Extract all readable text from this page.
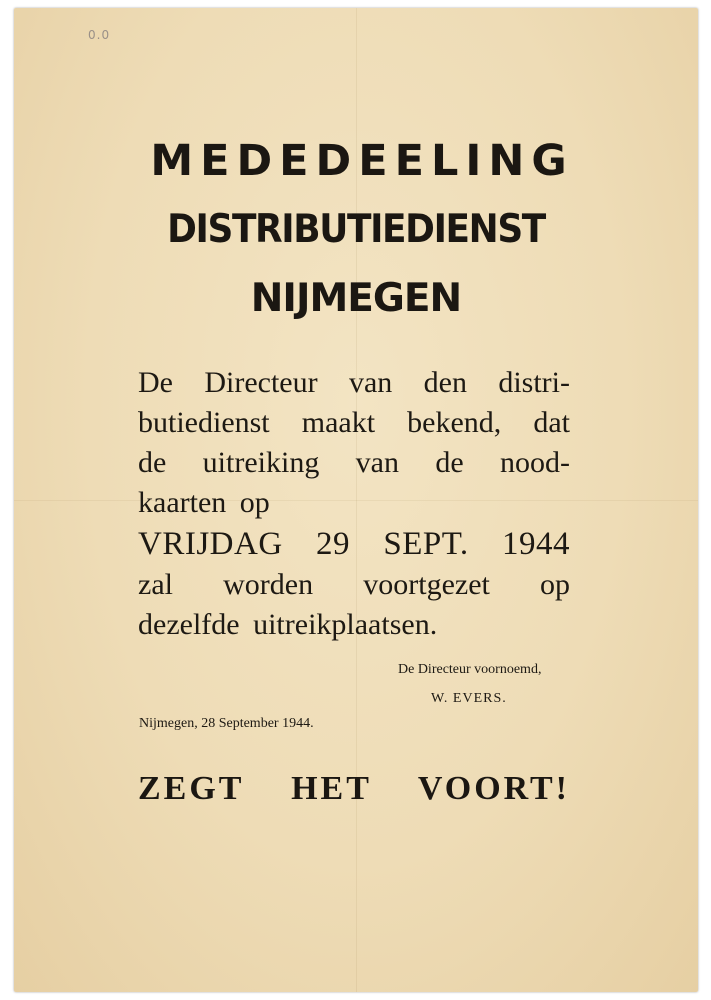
0.0
MEDEDEELING
DISTRIBUTIEDIENST
NIJMEGEN
De Directeur van den distri-
butiedienst maakt bekend, dat
de uitreiking van de nood-
kaarten op
VRIJDAG 29 SEPT. 1944
zal worden voortgezet op
dezelfde uitreikplaatsen.
De Directeur voornoemd,
W. EVERS.
Nijmegen, 28 September 1944.
ZEGT HET VOORT!
